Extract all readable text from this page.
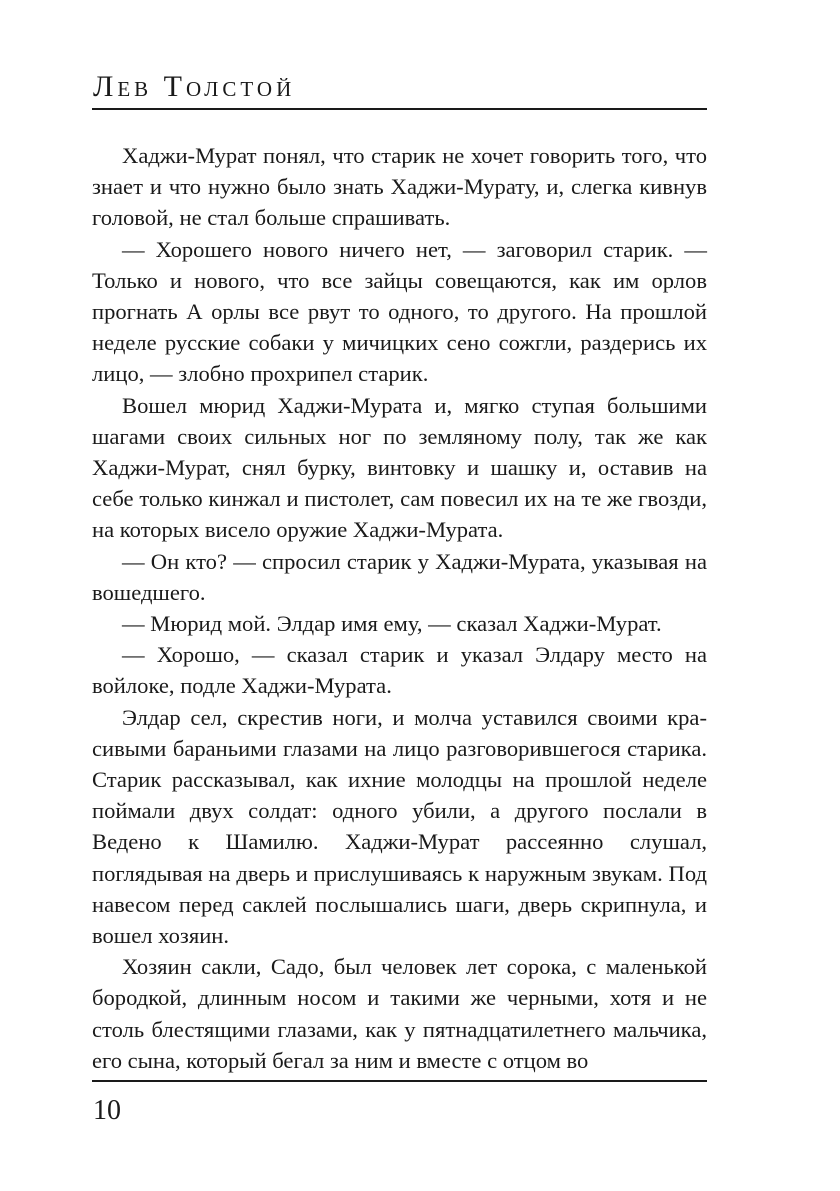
Лев Толстой

Хаджи-Мурат понял, что старик не хочет говорить того, что знает и что нужно было знать Хаджи-Мурату, и, слегка кивнув головой, не стал больше спрашивать.

— Хорошего нового ничего нет, — заговорил старик. — Только и нового, что все зайцы совещаются, как им орлов прогнать А орлы все рвут то одного, то другого. На прошлой неделе русские собаки у мичицких сено сожгли, раздерись их лицо, — злобно прохрипел старик.

Вошел мюрид Хаджи-Мурата и, мягко ступая большими шагами своих сильных ног по земляному полу, так же как Хаджи-Мурат, снял бурку, винтовку и шашку и, оставив на себе только кинжал и пистолет, сам повесил их на те же гвозди, на которых висело оружие Хаджи-Мурата.

— Он кто? — спросил старик у Хаджи-Мурата, указывая на вошедшего.

— Мюрид мой. Элдар имя ему, — сказал Хаджи-Мурат.

— Хорошо, — сказал старик и указал Элдару место на войлоке, подле Хаджи-Мурата.

Элдар сел, скрестив ноги, и молча уставился своими красивыми бараньими глазами на лицо разговорившегося старика. Старик рассказывал, как ихние молодцы на прошлой неделе поймали двух солдат: одного убили, а другого послали в Ведено к Шамилю. Хаджи-Мурат рассеянно слушал, поглядывая на дверь и прислушиваясь к наружным звукам. Под навесом перед саклей послышались шаги, дверь скрипнула, и вошел хозяин.

Хозяин сакли, Садо, был человек лет сорока, с маленькой бородкой, длинным носом и такими же черными, хотя и не столь блестящими глазами, как у пятнадцатилетнего мальчика, его сына, который бегал за ним и вместе с отцом во

10
